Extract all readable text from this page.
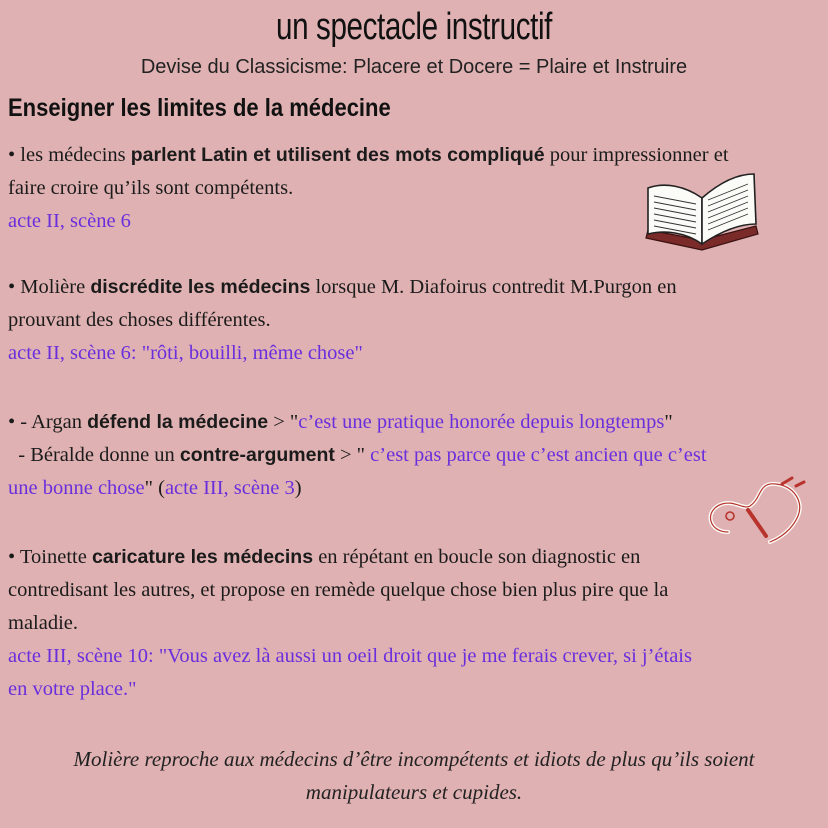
un spectacle instructif
Devise du Classicisme: Placere et Docere = Plaire et Instruire
Enseigner les limites de la médecine
• les médecins parlent Latin et utilisent des mots compliqué pour impressionner et
faire croire qu’ils sont compétents.
acte II, scène 6
• Molière discrédite les médecins lorsque M. Diafoirus contredit M.Purgon en
prouvant des choses différentes.
acte II, scène 6: "rôti, bouilli, même chose"
• - Argan défend la médecine > "c’est une pratique honorée depuis longtemps"
- Béralde donne un contre-argument > " c’est pas parce que c’est ancien que c’est
une bonne chose" (acte III, scène 3)
• Toinette caricature les médecins en répétant en boucle son diagnostic en
contredisant les autres, et propose en remède quelque chose bien plus pire que la
maladie.
acte III, scène 10: "Vous avez là aussi un oeil droit que je me ferais crever, si j’étais
en votre place."
Molière reproche aux médecins d’être incompétents et idiots de plus qu’ils soient
manipulateurs et cupides.
